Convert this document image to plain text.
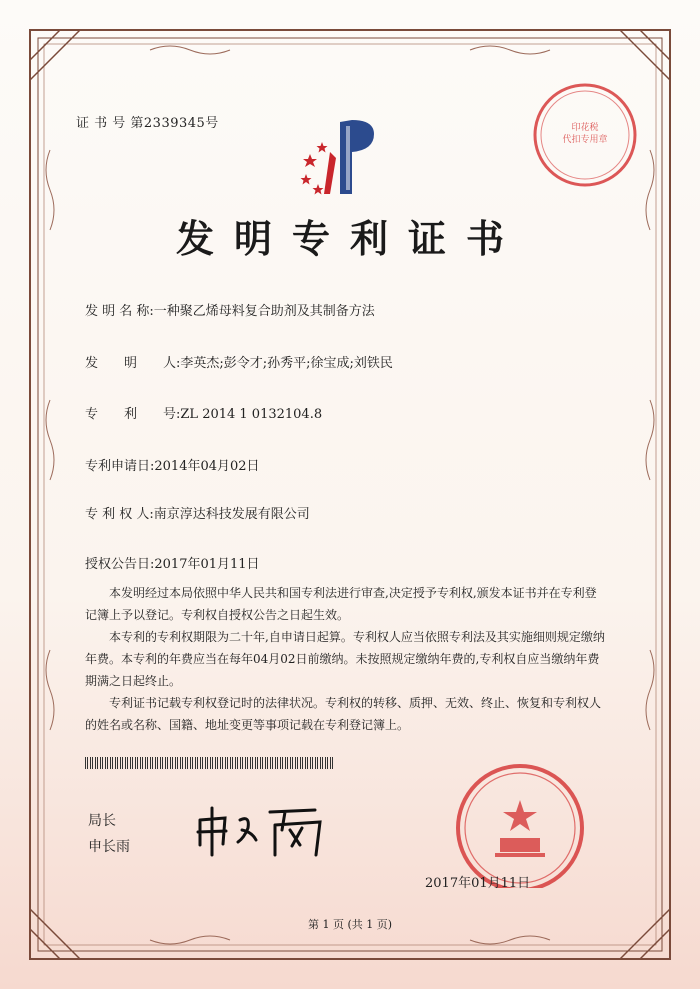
证 书 号 第2339345号
发明专利证书
发 明 名 称:一种聚乙烯母料复合助剂及其制备方法
发　　明　　人:李英杰;彭令才;孙秀平;徐宝成;刘铁民
专　　利　　号:ZL 2014 1 0132104.8
专利申请日:2014年04月02日
专 利 权 人:南京淳达科技发展有限公司
授权公告日:2017年01月11日

本发明经过本局依照中华人民共和国专利法进行审查,决定授予专利权,颁发本证书并在专利登记簿上予以登记。专利权自授权公告之日起生效。

本专利的专利权期限为二十年,自申请日起算。专利权人应当依照专利法及其实施细则规定缴纳年费。本专利的年费应当在每年04月02日前缴纳。未按照规定缴纳年费的,专利权自应当缴纳年费期满之日起终止。

专利证书记载专利权登记时的法律状况。专利权的转移、质押、无效、终止、恢复和专利权人的姓名或名称、国籍、地址变更等事项记载在专利登记簿上。

局长
申长雨
印花税
代扣专用章
2017年01月11日
第 1 页 (共 1 页)
